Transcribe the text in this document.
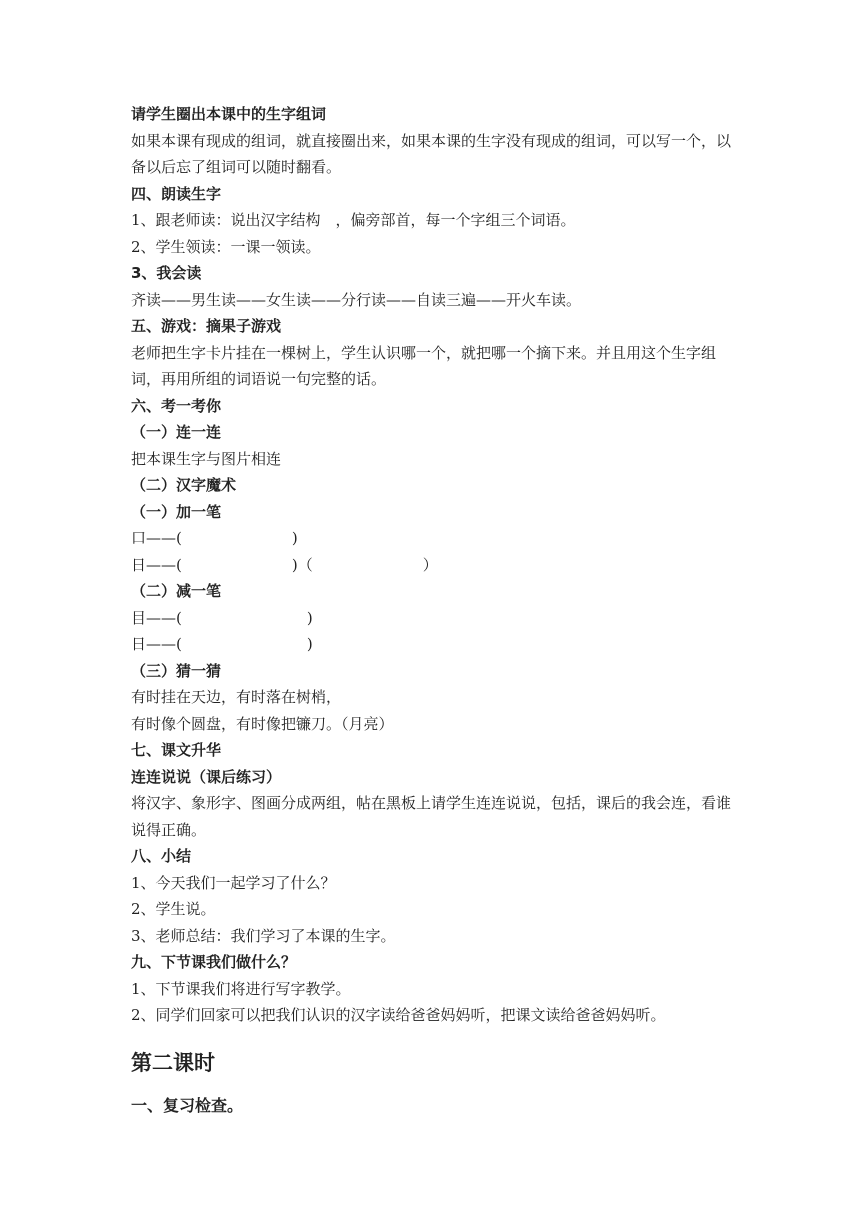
请学生圈出本课中的生字组词
如果本课有现成的组词，就直接圈出来，如果本课的生字没有现成的组词，可以写一个，以备以后忘了组词可以随时翻看。
四、朗读生字
1、跟老师读：说出汉字结构　，偏旁部首，每一个字组三个词语。
2、学生领读：一课一领读。
3、我会读
齐读——男生读——女生读——分行读——自读三遍——开火车读。
五、游戏：摘果子游戏
老师把生字卡片挂在一棵树上，学生认识哪一个，就把哪一个摘下来。并且用这个生字组词，再用所组的词语说一句完整的话。
六、考一考你
（一）连一连
把本课生字与图片相连
（二）汉字魔术
（一）加一笔
口——(	)
日——(	)（	）
（二）减一笔
目——(	)
日——(	)
（三）猜一猜
有时挂在天边，有时落在树梢，
有时像个圆盘，有时像把镰刀。（月亮）
七、课文升华
连连说说（课后练习）
将汉字、象形字、图画分成两组，帖在黑板上请学生连连说说，包括，课后的我会连，看谁说得正确。
八、小结
1、今天我们一起学习了什么？
2、学生说。
3、老师总结：我们学习了本课的生字。
九、下节课我们做什么？
1、下节课我们将进行写字教学。
2、同学们回家可以把我们认识的汉字读给爸爸妈妈听，把课文读给爸爸妈妈听。
第二课时
一、复习检查。
